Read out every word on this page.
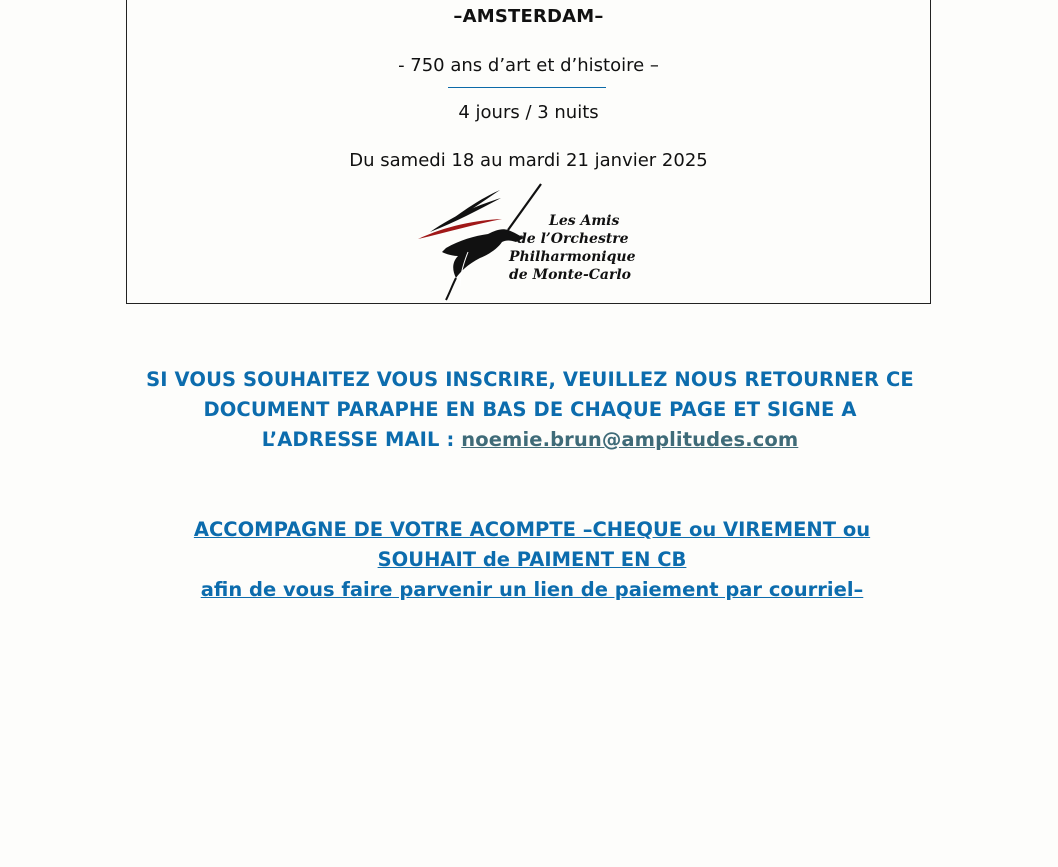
–AMSTERDAM–
- 750 ans d’art et d’histoire –
4 jours / 3 nuits
Du samedi 18 au mardi 21 janvier 2025
Les Amis
de l’Orchestre
Philharmonique
de Monte-Carlo
SI VOUS SOUHAITEZ VOUS INSCRIRE, VEUILLEZ NOUS RETOURNER CE
DOCUMENT PARAPHE EN BAS DE CHAQUE PAGE ET SIGNE A
L’ADRESSE MAIL : noemie.brun@amplitudes.com
ACCOMPAGNE DE VOTRE ACOMPTE –CHEQUE ou VIREMENT ou
SOUHAIT de PAIMENT EN CB
afin de vous faire parvenir un lien de paiement par courriel–
